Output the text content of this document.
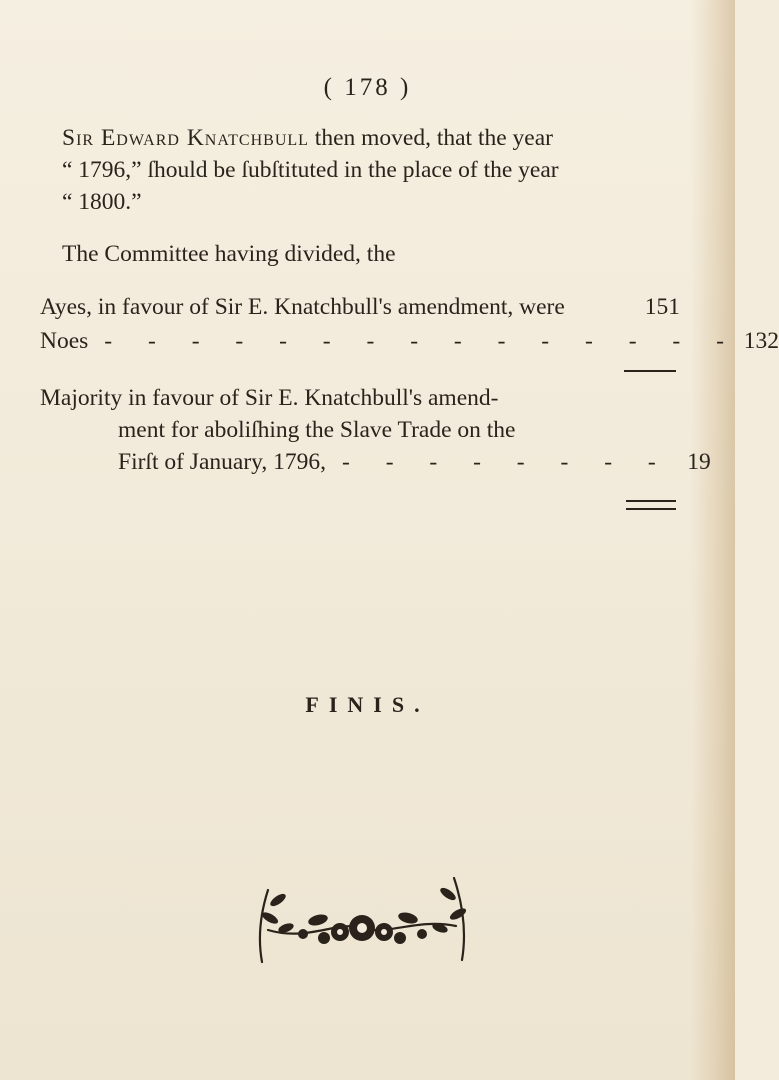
( 178 )
Sir Edward Knatchbull then moved, that the year
“ 1796,” ſhould be ſubſtituted in the place of the year
“ 1800.”
The Committee having divided, the
Ayes, in favour of Sir E. Knatchbull's amendment, were	151
Noes - - - - - - - - - - - - - - - 132
Majority in favour of Sir E. Knatchbull's amend-
ment for aboliſhing the Slave Trade on the
Firſt of January, 1796, - - - - - - - - 19
FINIS.
